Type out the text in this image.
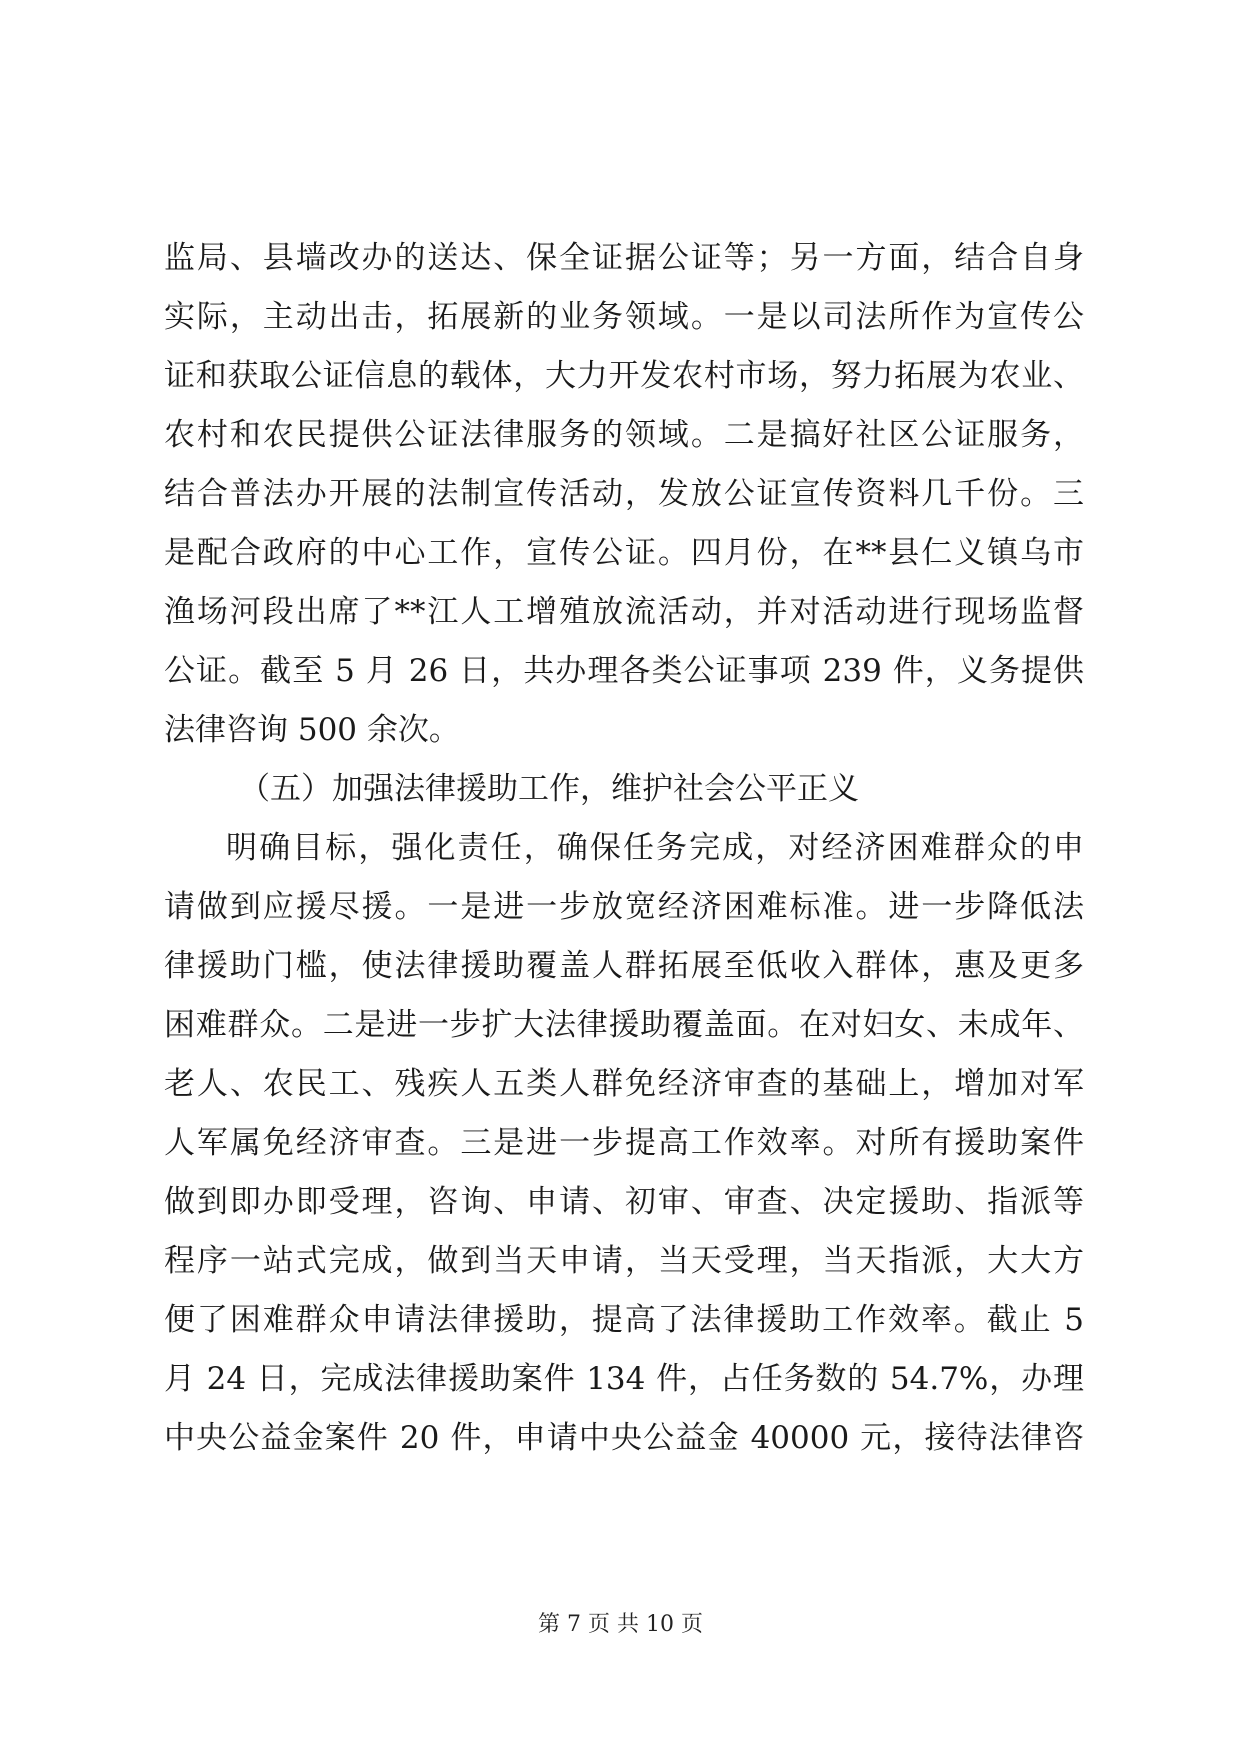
监局、县墙改办的送达、保全证据公证等；另一方面，结合自身
实际，主动出击，拓展新的业务领域。一是以司法所作为宣传公
证和获取公证信息的载体，大力开发农村市场，努力拓展为农业、
农村和农民提供公证法律服务的领域。二是搞好社区公证服务，
结合普法办开展的法制宣传活动，发放公证宣传资料几千份。三
是配合政府的中心工作，宣传公证。四月份，在**县仁义镇乌市
渔场河段出席了**江人工增殖放流活动，并对活动进行现场监督
公证。截至 5 月 26 日，共办理各类公证事项 239 件，义务提供
法律咨询 500 余次。
（五）加强法律援助工作，维护社会公平正义
明确目标，强化责任，确保任务完成，对经济困难群众的申
请做到应援尽援。一是进一步放宽经济困难标准。进一步降低法
律援助门槛，使法律援助覆盖人群拓展至低收入群体，惠及更多
困难群众。二是进一步扩大法律援助覆盖面。在对妇女、未成年、
老人、农民工、残疾人五类人群免经济审查的基础上，增加对军
人军属免经济审查。三是进一步提高工作效率。对所有援助案件
做到即办即受理，咨询、申请、初审、审查、决定援助、指派等
程序一站式完成，做到当天申请，当天受理，当天指派，大大方
便了困难群众申请法律援助，提高了法律援助工作效率。截止 5
月 24 日，完成法律援助案件 134 件，占任务数的 54.7%，办理
中央公益金案件 20 件，申请中央公益金 40000 元，接待法律咨
第 7 页 共 10 页
